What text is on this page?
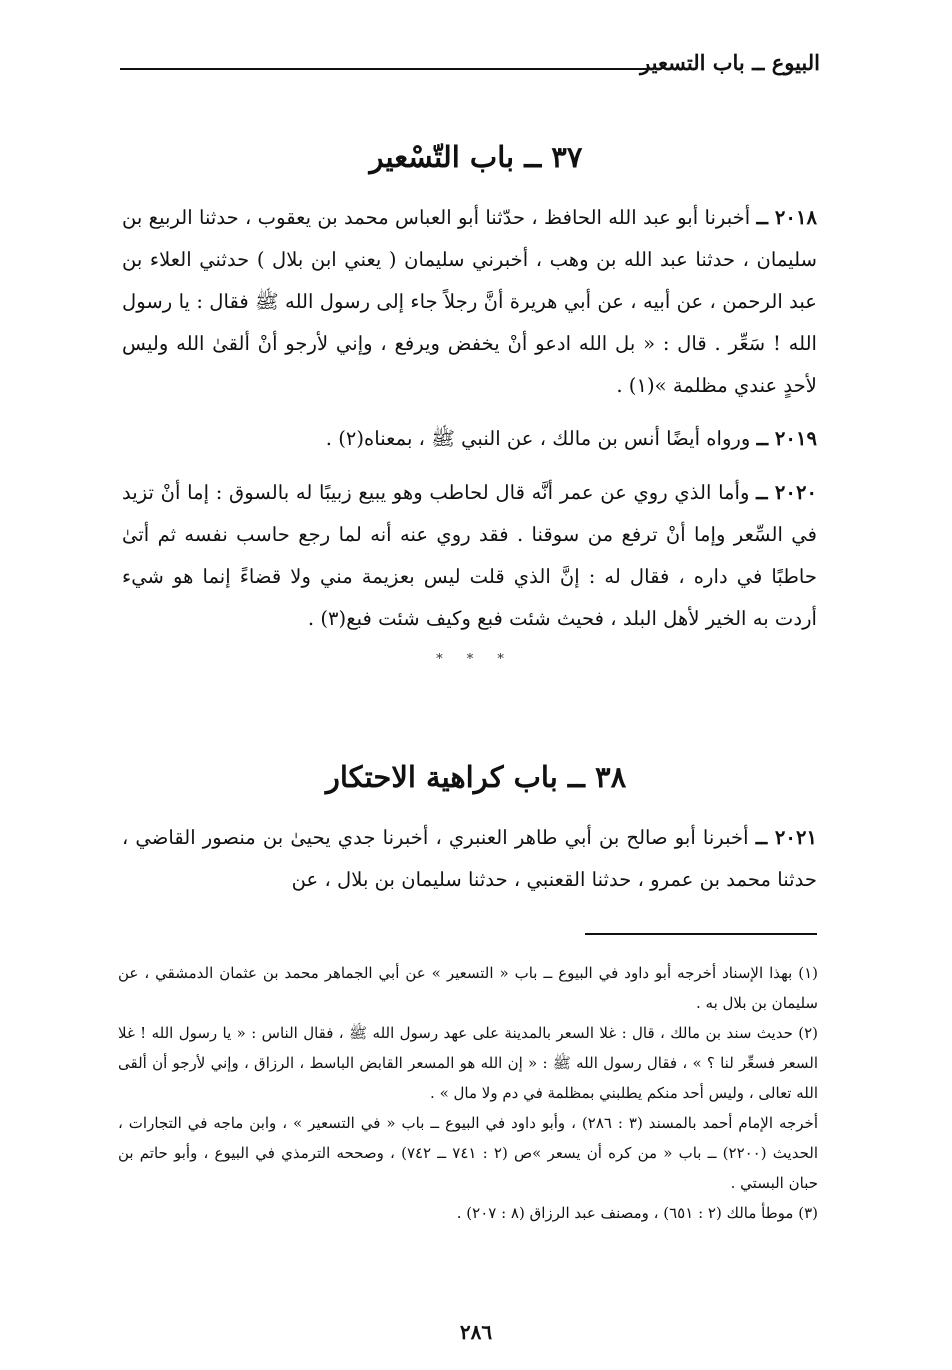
البيوع ــ باب التسعير
٣٧ ــ باب التّسْعير
٢٠١٨ ــ أخبرنا أبو عبد الله الحافظ ، حدّثنا أبو العباس محمد بن يعقوب ، حدثنا الربيع بن سليمان ، حدثنا عبد الله بن وهب ، أخبرني سليمان ( يعني ابن بلال ) حدثني العلاء بن عبد الرحمن ، عن أبيه ، عن أبي هريرة أنَّ رجلاً جاء إلى رسول الله ﷺ فقال : يا رسول الله ! سَعِّر . قال : « بل الله ادعو أنْ يخفض ويرفع ، وإني لأرجو أنْ ألقىٰ الله وليس لأحدٍ عندي مظلمة »(١) .
٢٠١٩ ــ ورواه أيضًا أنس بن مالك ، عن النبي ﷺ ، بمعناه(٢) .
٢٠٢٠ ــ وأما الذي روي عن عمر أنَّه قال لحاطب وهو يبيع زبيبًا له بالسوق : إما أنْ تزيد في السِّعر وإما أنْ ترفع من سوقنا . فقد روي عنه أنه لما رجع حاسب نفسه ثم أتىٰ حاطبًا في داره ، فقال له : إنَّ الذي قلت ليس بعزيمة مني ولا قضاءً إنما هو شيء أردت به الخير لأهل البلد ، فحيث شئت فبع وكيف شئت فبع(٣) .
* * *
٣٨ ــ باب كراهية الاحتكار
٢٠٢١ ــ أخبرنا أبو صالح بن أبي طاهر العنبري ، أخبرنا جدي يحيىٰ بن منصور القاضي ، حدثنا محمد بن عمرو ، حدثنا القعنبي ، حدثنا سليمان بن بلال ، عن

(١) بهذا الإسناد أخرجه أبو داود في البيوع ــ باب « التسعير » عن أبي الجماهر محمد بن عثمان الدمشقي ، عن سليمان بن بلال به .

(٢) حديث سند بن مالك ، قال : غلا السعر بالمدينة على عهد رسول الله ﷺ ، فقال الناس : « يا رسول الله ! غلا السعر فسعِّر لنا ؟ » ، فقال رسول الله ﷺ : « إن الله هو المسعر القابض الباسط ، الرزاق ، وإني لأرجو أن ألقى الله تعالى ، وليس أحد منكم يطلبني بمظلمة في دم ولا مال » .

أخرجه الإمام أحمد بالمسند (٣ : ٢٨٦) ، وأبو داود في البيوع ــ باب « في التسعير » ، وابن ماجه في التجارات ، الحديث (٢٢٠٠) ــ باب « من كره أن يسعر »ص (٢ : ٧٤١ ــ ٧٤٢) ، وصححه الترمذي في البيوع ، وأبو حاتم بن حبان البستي .

(٣) موطأ مالك (٢ : ٦٥١) ، ومصنف عبد الرزاق (٨ : ٢٠٧) .

٢٨٦
